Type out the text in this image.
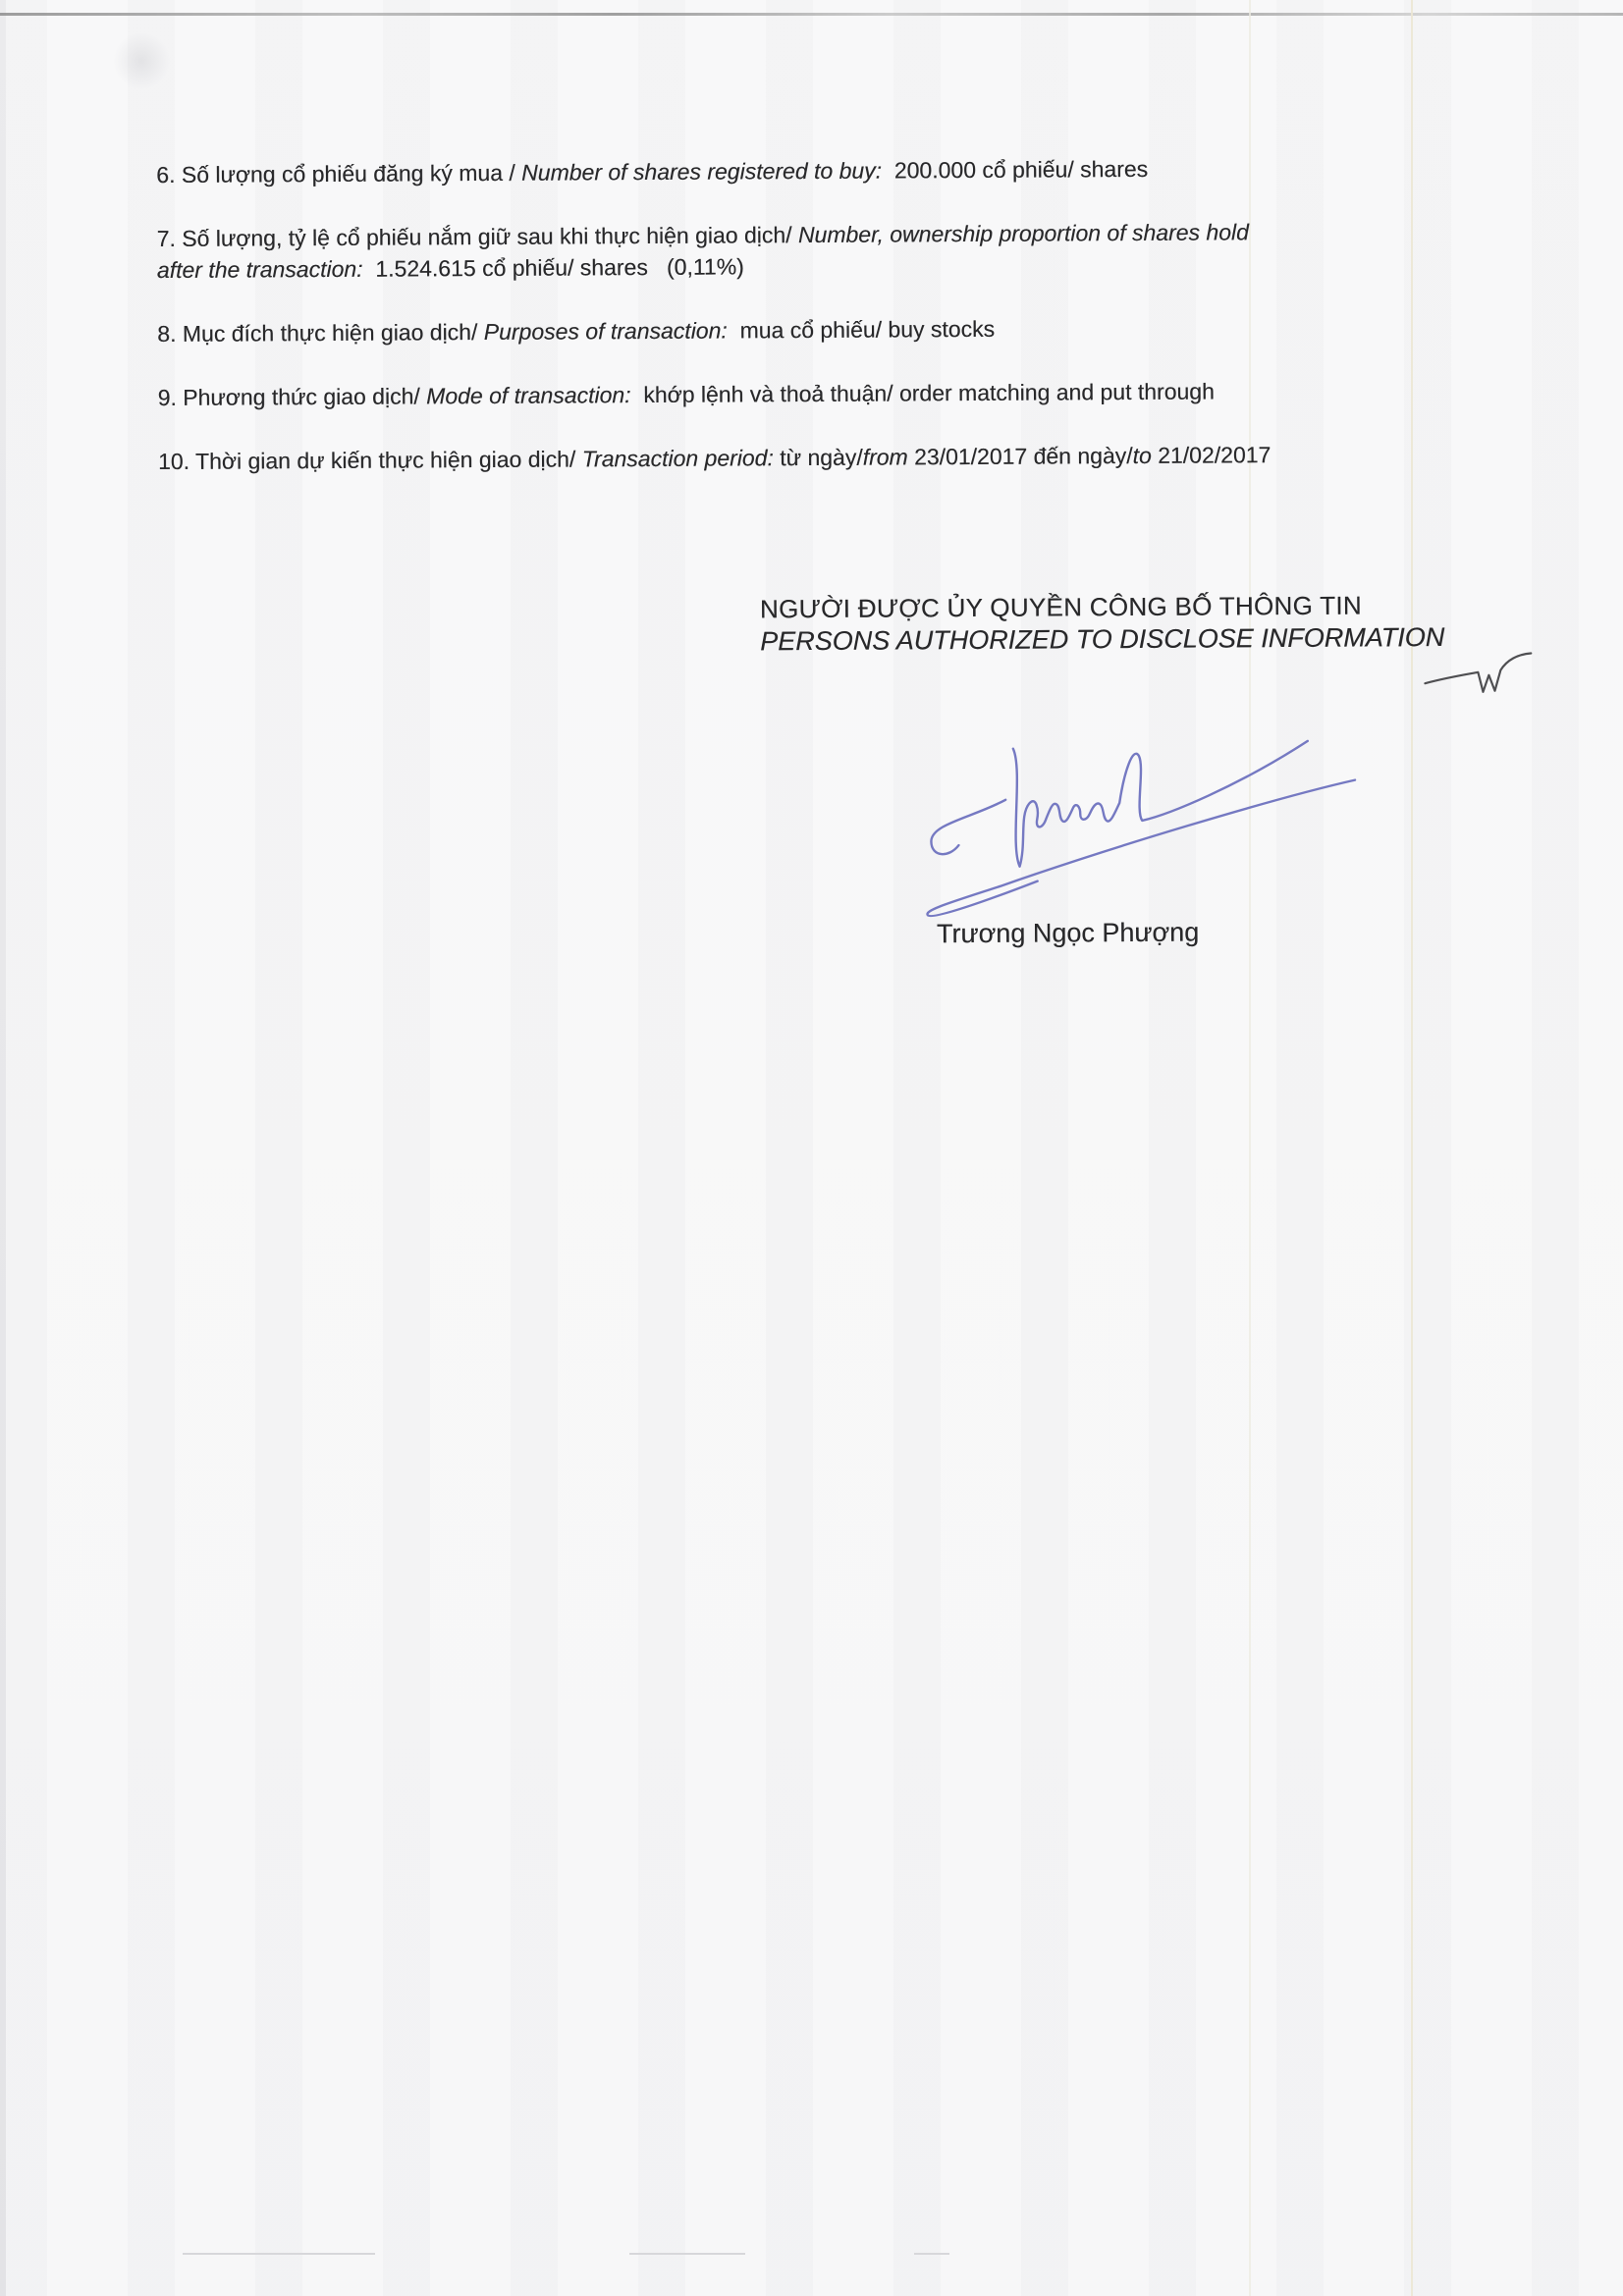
6. Số lượng cổ phiếu đăng ký mua / Number of shares registered to buy:  200.000 cổ phiếu/ shares

7. Số lượng, tỷ lệ cổ phiếu nắm giữ sau khi thực hiện giao dịch/ Number, ownership proportion of shares hold
after the transaction:  1.524.615 cổ phiếu/ shares   (0,11%)

8. Mục đích thực hiện giao dịch/ Purposes of transaction:  mua cổ phiếu/ buy stocks

9. Phương thức giao dịch/ Mode of transaction:  khớp lệnh và thoả thuận/ order matching and put through

10. Thời gian dự kiến thực hiện giao dịch/ Transaction period: từ ngày/from 23/01/2017 đến ngày/to 21/02/2017

NGƯỜI ĐƯỢC ỦY QUYỀN CÔNG BỐ THÔNG TIN
PERSONS AUTHORIZED TO DISCLOSE INFORMATION
Trương Ngọc Phượng
